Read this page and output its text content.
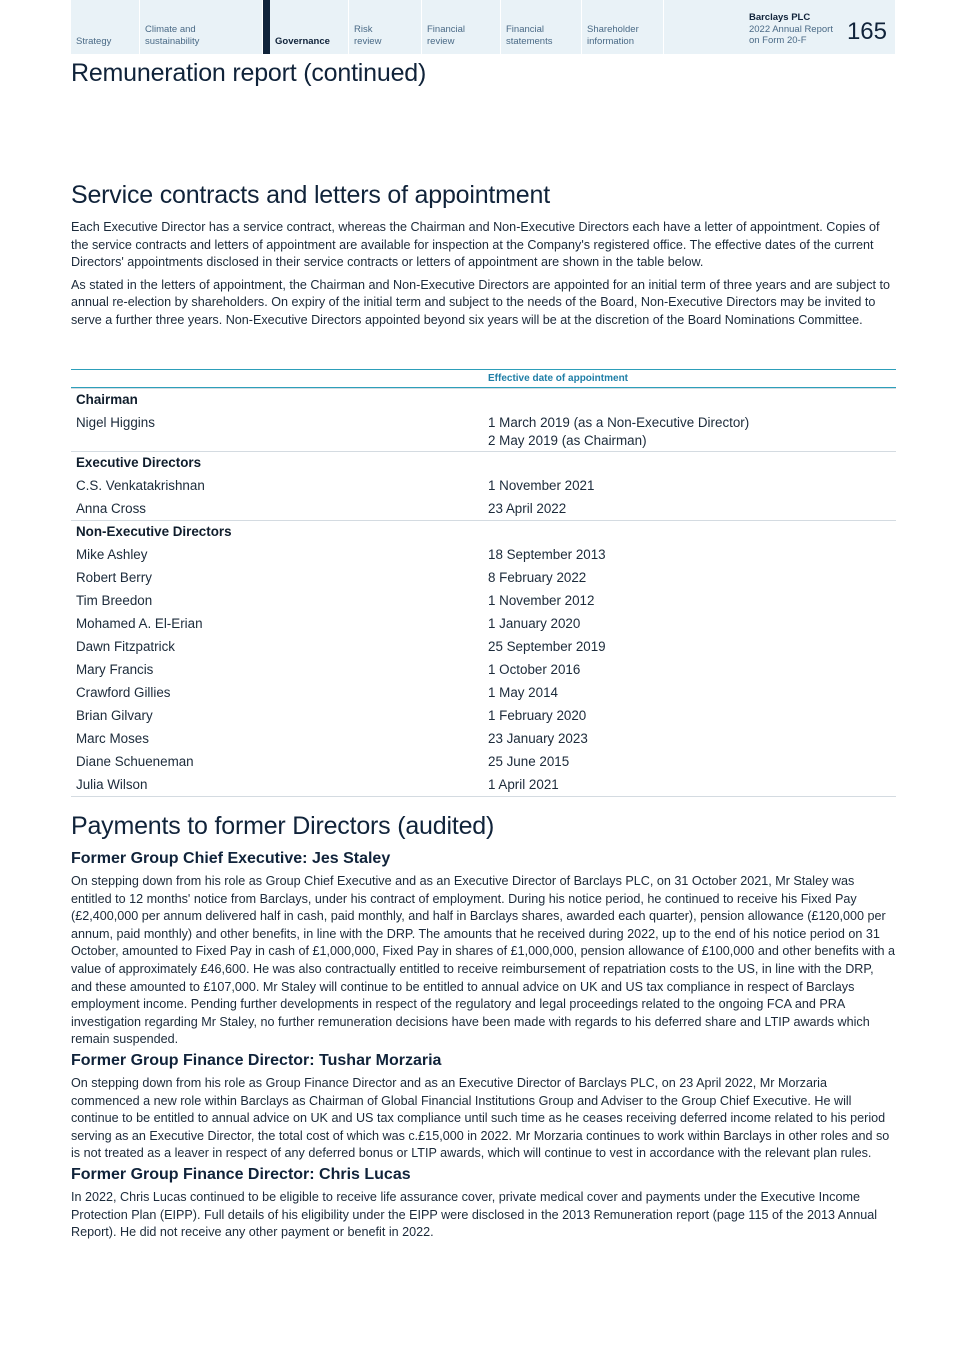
Strategy
Climate and
sustainability	Governance
Risk
review
Financial
review
Financial
statements
Shareholder
information
Barclays PLC
2022 Annual Report
on Form 20-F	165
Remuneration report (continued)
Service contracts and letters of appointment

Each Executive Director has a service contract, whereas the Chairman and Non-Executive Directors each have a letter of appointment. Copies of the service contracts and letters of appointment are available for inspection at the Company's registered office. The effective dates of the current Directors' appointments disclosed in their service contracts or letters of appointment are shown in the table below.

As stated in the letters of appointment, the Chairman and Non-Executive Directors are appointed for an initial term of three years and are subject to annual re-election by shareholders. On expiry of the initial term and subject to the needs of the Board, Non-Executive Directors may be invited to serve a further three years. Non-Executive Directors appointed beyond six years will be at the discretion of the Board Nominations Committee.

Effective date of appointment
Chairman
Nigel Higgins	1 March 2019 (as a Non-Executive Director)
2 May 2019 (as Chairman)
Executive Directors
C.S. Venkatakrishnan	1 November 2021
Anna Cross	23 April 2022
Non-Executive Directors
Mike Ashley	18 September 2013
Robert Berry	8 February 2022
Tim Breedon	1 November 2012
Mohamed A. El-Erian	1 January 2020
Dawn Fitzpatrick	25 September 2019
Mary Francis	1 October 2016
Crawford Gillies	1 May 2014
Brian Gilvary	1 February 2020
Marc Moses	23 January 2023
Diane Schueneman	25 June 2015
Julia Wilson	1 April 2021
Payments to former Directors (audited)
Former Group Chief Executive: Jes Staley

On stepping down from his role as Group Chief Executive and as an Executive Director of Barclays PLC, on 31 October 2021, Mr Staley was entitled to 12 months' notice from Barclays, under his contract of employment. During his notice period, he continued to receive his Fixed Pay (£2,400,000 per annum delivered half in cash, paid monthly, and half in Barclays shares, awarded each quarter), pension allowance (£120,000 per annum, paid monthly) and other benefits, in line with the DRP. The amounts that he received during 2022, up to the end of his notice period on 31 October, amounted to Fixed Pay in cash of £1,000,000, Fixed Pay in shares of £1,000,000, pension allowance of £100,000 and other benefits with a value of approximately £46,600. He was also contractually entitled to receive reimbursement of repatriation costs to the US, in line with the DRP, and these amounted to £107,000. Mr Staley will continue to be entitled to annual advice on UK and US tax compliance in respect of Barclays employment income. Pending further developments in respect of the regulatory and legal proceedings related to the ongoing FCA and PRA investigation regarding Mr Staley, no further remuneration decisions have been made with regards to his deferred share and LTIP awards which remain suspended.

Former Group Finance Director: Tushar Morzaria

On stepping down from his role as Group Finance Director and as an Executive Director of Barclays PLC, on 23 April 2022, Mr Morzaria commenced a new role within Barclays as Chairman of Global Financial Institutions Group and Adviser to the Group Chief Executive. He will continue to be entitled to annual advice on UK and US tax compliance until such time as he ceases receiving deferred income related to his period serving as an Executive Director, the total cost of which was c.£15,000 in 2022. Mr Morzaria continues to work within Barclays in other roles and so is not treated as a leaver in respect of any deferred bonus or LTIP awards, which will continue to vest in accordance with the relevant plan rules.

Former Group Finance Director: Chris Lucas

In 2022, Chris Lucas continued to be eligible to receive life assurance cover, private medical cover and payments under the Executive Income Protection Plan (EIPP). Full details of his eligibility under the EIPP were disclosed in the 2013 Remuneration report (page 115 of the 2013 Annual Report). He did not receive any other payment or benefit in 2022.
